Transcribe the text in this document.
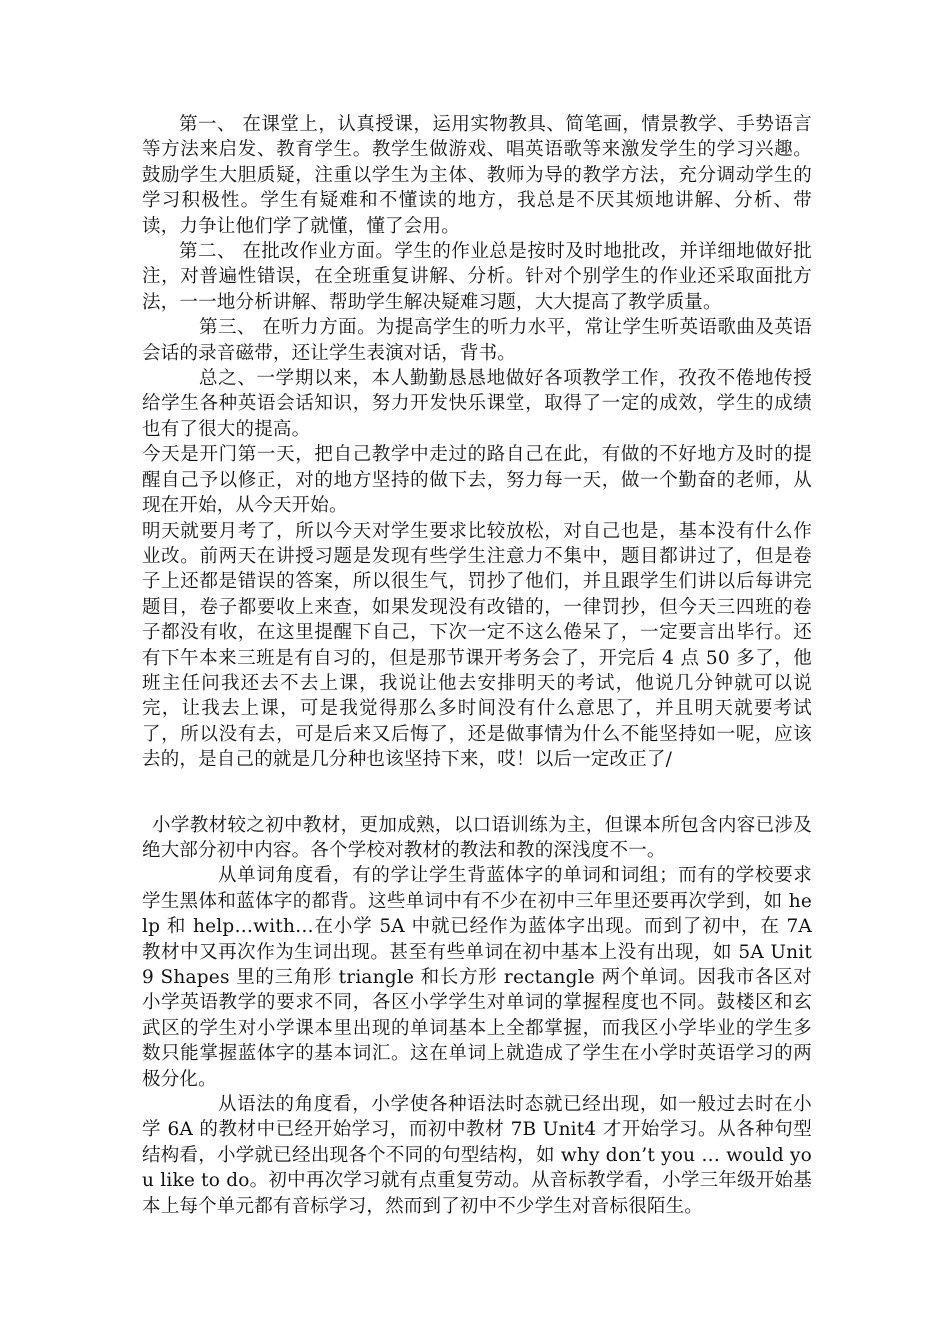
第一、 在课堂上，认真授课，运用实物教具、简笔画，情景教学、手势语言等方法来启发、教育学生。教学生做游戏、唱英语歌等来激发学生的学习兴趣。鼓励学生大胆质疑，注重以学生为主体、教师为导的教学方法，充分调动学生的学习积极性。学生有疑难和不懂读的地方，我总是不厌其烦地讲解、分析、带读，力争让他们学了就懂，懂了会用。

第二、 在批改作业方面。学生的作业总是按时及时地批改，并详细地做好批注，对普遍性错误，在全班重复讲解、分析。针对个别学生的作业还采取面批方法，一一地分析讲解、帮助学生解决疑难习题，大大提高了教学质量。

第三、 在听力方面。为提高学生的听力水平，常让学生听英语歌曲及英语会话的录音磁带，还让学生表演对话，背书。

总之、一学期以来，本人勤勤恳恳地做好各项教学工作，孜孜不倦地传授给学生各种英语会话知识，努力开发快乐课堂，取得了一定的成效，学生的成绩也有了很大的提高。

今天是开门第一天，把自己教学中走过的路自己在此，有做的不好地方及时的提醒自己予以修正，对的地方坚持的做下去，努力每一天，做一个勤奋的老师，从现在开始，从今天开始。

明天就要月考了，所以今天对学生要求比较放松，对自己也是，基本没有什么作业改。前两天在讲授习题是发现有些学生注意力不集中，题目都讲过了，但是卷子上还都是错误的答案，所以很生气，罚抄了他们，并且跟学生们讲以后每讲完题目，卷子都要收上来查，如果发现没有改错的，一律罚抄，但今天三四班的卷子都没有收，在这里提醒下自己，下次一定不这么倦呆了，一定要言出毕行。还有下午本来三班是有自习的，但是那节课开考务会了，开完后 4 点 50 多了，他班主任问我还去不去上课，我说让他去安排明天的考试，他说几分钟就可以说完，让我去上课，可是我觉得那么多时间没有什么意思了，并且明天就要考试了，所以没有去，可是后来又后悔了，还是做事情为什么不能坚持如一呢，应该去的，是自己的就是几分种也该坚持下来，哎！以后一定改正了/

小学教材较之初中教材，更加成熟，以口语训练为主，但课本所包含内容已涉及绝大部分初中内容。各个学校对教材的教法和教的深浅度不一。

从单词角度看，有的学让学生背蓝体字的单词和词组；而有的学校要求学生黑体和蓝体字的都背。这些单词中有不少在初中三年里还要再次学到，如 help 和 help…with…在小学 5A 中就已经作为蓝体字出现。而到了初中，在 7A 教材中又再次作为生词出现。甚至有些单词在初中基本上没有出现，如 5A Unit9 Shapes 里的三角形 triangle 和长方形 rectangle 两个单词。因我市各区对小学英语教学的要求不同，各区小学学生对单词的掌握程度也不同。鼓楼区和玄武区的学生对小学课本里出现的单词基本上全都掌握，而我区小学毕业的学生多数只能掌握蓝体字的基本词汇。这在单词上就造成了学生在小学时英语学习的两极分化。

从语法的角度看，小学使各种语法时态就已经出现，如一般过去时在小学 6A 的教材中已经开始学习，而初中教材 7B Unit4 才开始学习。从各种句型结构看，小学就已经出现各个不同的句型结构，如 why don’t you … would you like to do。初中再次学习就有点重复劳动。从音标教学看，小学三年级开始基本上每个单元都有音标学习，然而到了初中不少学生对音标很陌生。
